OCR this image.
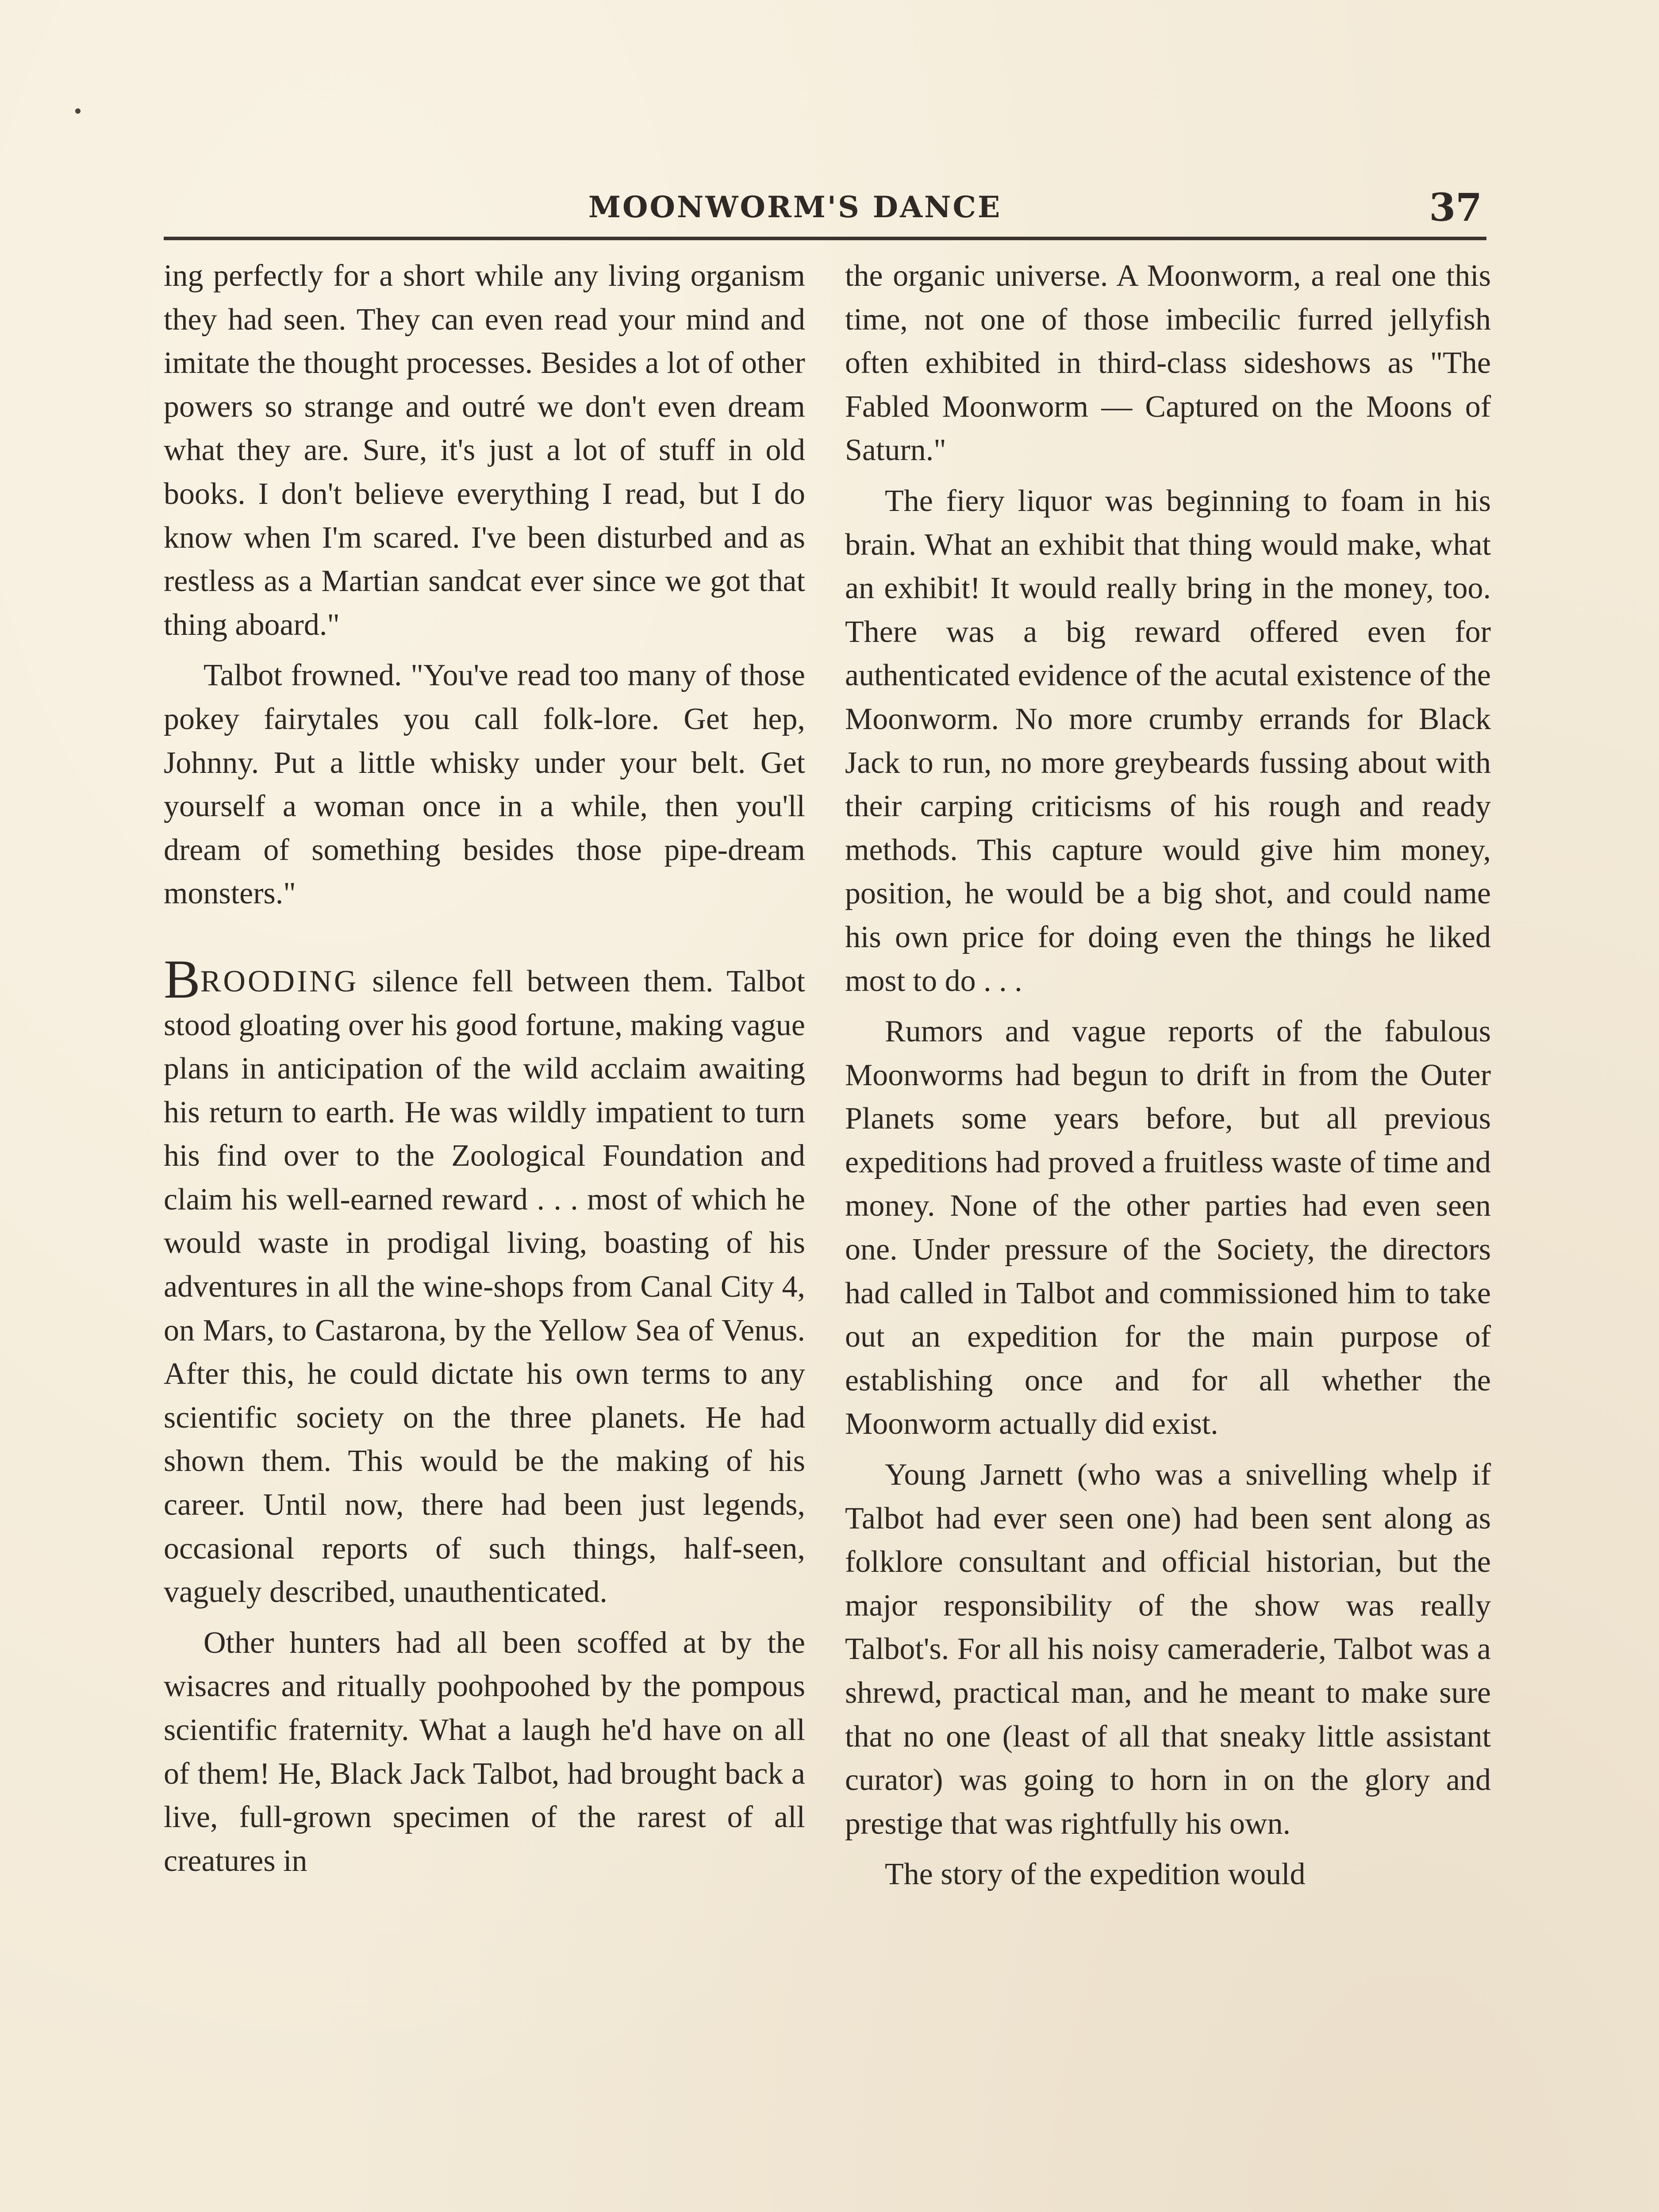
MOONWORM'S DANCE	37

ing perfectly for a short while any living organism they had seen. They can even read your mind and imitate the thought processes. Besides a lot of other powers so strange and outré we don't even dream what they are. Sure, it's just a lot of stuff in old books. I don't believe everything I read, but I do know when I'm scared. I've been disturbed and as restless as a Martian sandcat ever since we got that thing aboard."

Talbot frowned. "You've read too many of those pokey fairytales you call folk-lore. Get hep, Johnny. Put a little whisky under your belt. Get yourself a woman once in a while, then you'll dream of something besides those pipe-dream monsters."

BROODING silence fell between them. Talbot stood gloating over his good fortune, making vague plans in anticipation of the wild acclaim awaiting his return to earth. He was wildly impatient to turn his find over to the Zoological Foundation and claim his well-earned reward . . . most of which he would waste in prodigal living, boasting of his adventures in all the wine-shops from Canal City 4, on Mars, to Castarona, by the Yellow Sea of Venus. After this, he could dictate his own terms to any scientific society on the three planets. He had shown them. This would be the making of his career. Until now, there had been just legends, occasional reports of such things, half-seen, vaguely described, unauthenticated.

Other hunters had all been scoffed at by the wisacres and ritually poohpoohed by the pompous scientific fraternity. What a laugh he'd have on all of them! He, Black Jack Talbot, had brought back a live, full-grown specimen of the rarest of all creatures in

the organic universe. A Moonworm, a real one this time, not one of those imbecilic furred jellyfish often exhibited in third-class sideshows as "The Fabled Moonworm — Captured on the Moons of Saturn."

The fiery liquor was beginning to foam in his brain. What an exhibit that thing would make, what an exhibit! It would really bring in the money, too. There was a big reward offered even for authenticated evidence of the acutal existence of the Moonworm. No more crumby errands for Black Jack to run, no more greybeards fussing about with their carping criticisms of his rough and ready methods. This capture would give him money, position, he would be a big shot, and could name his own price for doing even the things he liked most to do . . .

Rumors and vague reports of the fabulous Moonworms had begun to drift in from the Outer Planets some years before, but all previous expeditions had proved a fruitless waste of time and money. None of the other parties had even seen one. Under pressure of the Society, the directors had called in Talbot and commissioned him to take out an expedition for the main purpose of establishing once and for all whether the Moonworm actually did exist.

Young Jarnett (who was a snivelling whelp if Talbot had ever seen one) had been sent along as folklore consultant and official historian, but the major responsibility of the show was really Talbot's. For all his noisy cameraderie, Talbot was a shrewd, practical man, and he meant to make sure that no one (least of all that sneaky little assistant curator) was going to horn in on the glory and prestige that was rightfully his own.

The story of the expedition would
